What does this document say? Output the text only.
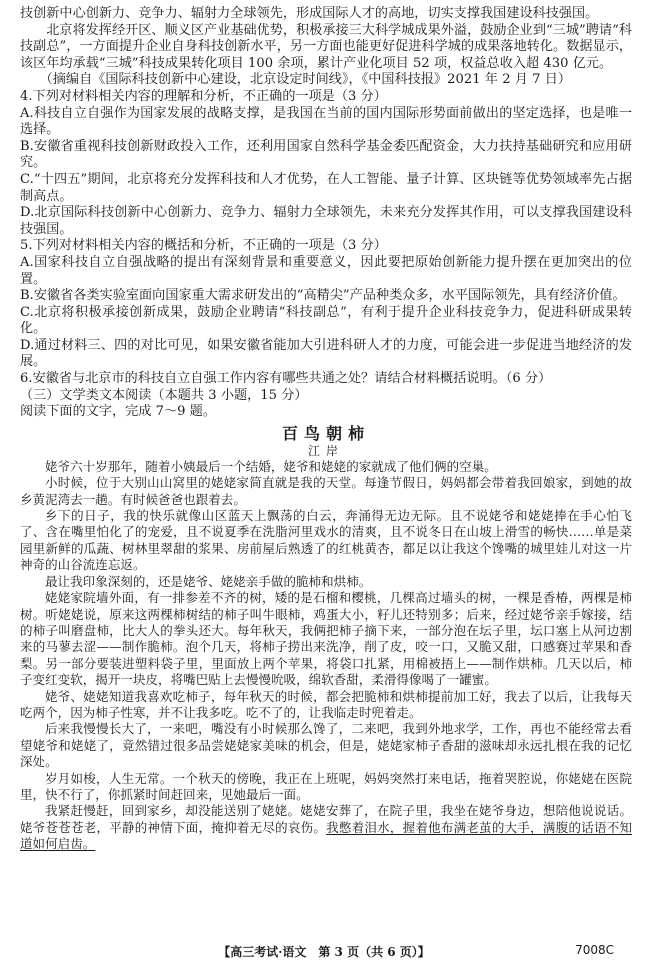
技创新中心创新力、竞争力、辐射力全球领先，形成国际人才的高地，切实支撑我国建设科技强国。

北京将发挥经开区、顺义区产业基础优势，积极承接三大科学城成果外溢，鼓励企业到“三城”聘请“科技副总”，一方面提升企业自身科技创新水平，另一方面也能更好促进科学城的成果落地转化。数据显示，该区年均承载“三城”科技成果转化项目 100 余项，累计产业化项目 52 项，权益总收入超 430 亿元。

（摘编自《国际科技创新中心建设，北京设定时间线》，《中国科技报》2021 年 2 月 7 日）

4.下列对材料相关内容的理解和分析，不正确的一项是（3 分）

A.科技自立自强作为国家发展的战略支撑，是我国在当前的国内国际形势面前做出的坚定选择，也是唯一选择。

B.安徽省重视科技创新财政投入工作，还利用国家自然科学基金委匹配资金，大力扶持基础研究和应用研究。

C.“十四五”期间，北京将充分发挥科技和人才优势，在人工智能、量子计算、区块链等优势领域率先占据制高点。

D.北京国际科技创新中心创新力、竞争力、辐射力全球领先，未来充分发挥其作用，可以支撑我国建设科技强国。

5.下列对材料相关内容的概括和分析，不正确的一项是（3 分）

A.国家科技自立自强战略的提出有深刻背景和重要意义，因此要把原始创新能力提升摆在更加突出的位置。

B.安徽省各类实验室面向国家重大需求研发出的“高精尖”产品种类众多，水平国际领先，具有经济价值。

C.北京将积极承接创新成果，鼓励企业聘请“科技副总”，有利于提升企业科技竞争力，促进科研成果转化。

D.通过材料三、四的对比可见，如果安徽省能加大引进科研人才的力度，可能会进一步促进当地经济的发展。

6.安徽省与北京市的科技自立自强工作内容有哪些共通之处？请结合材料概括说明。（6 分）

（三）文学类文本阅读（本题共 3 小题，15 分）

阅读下面的文字，完成 7～9 题。

百鸟朝柿
江岸

姥爷六十岁那年，随着小姨最后一个结婚，姥爷和姥姥的家就成了他们俩的空巢。

小时候，位于大别山山窝里的姥姥家简直就是我的天堂。每逢节假日，妈妈都会带着我回娘家，到她的故乡黄泥湾去一趟。有时候爸爸也跟着去。

乡下的日子，我的快乐就像山区蓝天上飘荡的白云，奔涌得无边无际。且不说姥爷和姥姥捧在手心怕飞了、含在嘴里怕化了的宠爱，且不说夏季在洗脂河里戏水的清爽，且不说冬日在山坡上滑雪的畅快……单是菜园里新鲜的瓜蔬、树林里翠甜的浆果、房前屋后熟透了的红桃黄杏，都足以让我这个馋嘴的城里娃儿对这一片神奇的山谷流连忘返。

最让我印象深刻的，还是姥爷、姥姥亲手做的脆柿和烘柿。

姥姥家院墙外面，有一排参差不齐的树，矮的是石榴和樱桃，几棵高过墙头的树，一棵是香椿，两棵是柿树。听姥姥说，原来这两棵柿树结的柿子叫牛眼柿，鸡蛋大小，籽儿还特别多；后来，经过姥爷亲手嫁接，结的柿子叫磨盘柿，比大人的拳头还大。每年秋天，我俩把柿子摘下来，一部分泡在坛子里，坛口塞上从河边割来的马蓼去涩——制作脆柿。泡个几天，将柿子捞出来洗净，削了皮，咬一口，又脆又甜，口感赛过苹果和香梨。另一部分要装进塑料袋子里，里面放上两个苹果，将袋口扎紧，用棉被捂上——制作烘柿。几天以后，柿子变红变软，揭开一块皮，将嘴巴贴上去慢慢吮吸，绵软香甜，柔滑得像喝了一罐蜜。

姥爷、姥姥知道我喜欢吃柿子，每年秋天的时候，都会把脆柿和烘柿提前加工好，我去了以后，让我每天吃两个，因为柿子性寒，并不让我多吃。吃不了的，让我临走时兜着走。

后来我慢慢长大了，一来吧，嘴没有小时候那么馋了，二来吧，我到外地求学，工作，再也不能经常去看望姥爷和姥姥了，竟然错过很多品尝姥姥家美味的机会，但是，姥姥家柿子香甜的滋味却永远扎根在我的记忆深处。

岁月如梭，人生无常。一个秋天的傍晚，我正在上班呢，妈妈突然打来电话，拖着哭腔说，你姥姥在医院里，快不行了，你抓紧时间赶回来，见她最后一面。

我紧赶慢赶，回到家乡，却没能送别了姥姥。姥姥安葬了，在院子里，我坐在姥爷身边，想陪他说说话。姥爷苍苍苍老，平静的神情下面，掩抑着无尽的哀伤。我憋着泪水，握着他布满老茧的大手，满腹的话语不知道如何启齿。

【高三考试·语文　第 3 页（共 6 页）】	7008C
